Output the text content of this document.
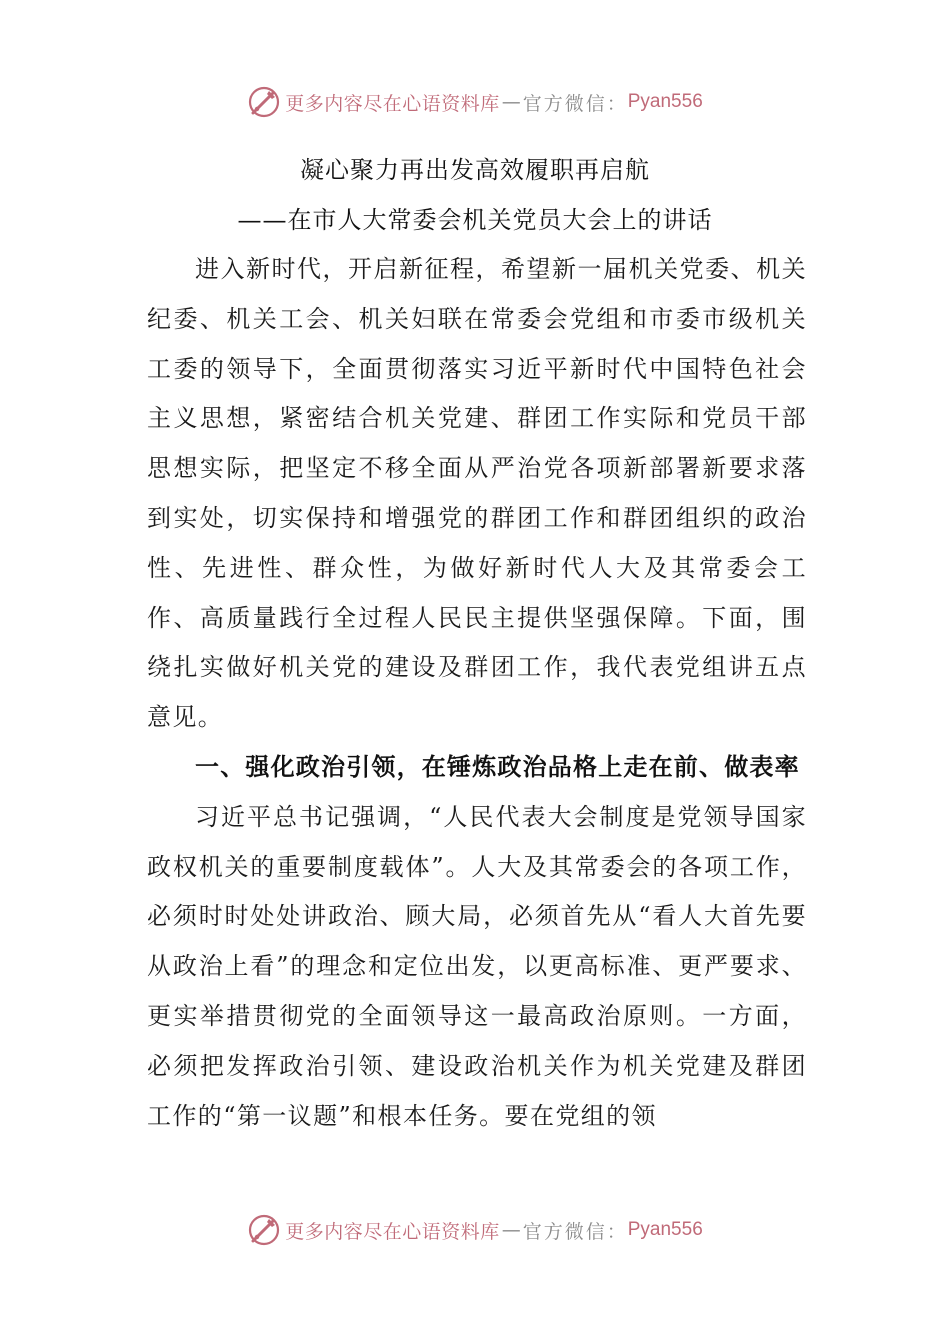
更多内容尽在心语资料库 — 官方微信： Pyan556
凝心聚力再出发高效履职再启航
——在市人大常委会机关党员大会上的讲话

进入新时代，开启新征程，希望新一届机关党委、机关纪委、机关工会、机关妇联在常委会党组和市委市级机关工委的领导下，全面贯彻落实习近平新时代中国特色社会主义思想，紧密结合机关党建、群团工作实际和党员干部思想实际，把坚定不移全面从严治党各项新部署新要求落到实处，切实保持和增强党的群团工作和群团组织的政治性、先进性、群众性，为做好新时代人大及其常委会工作、高质量践行全过程人民民主提供坚强保障。下面，围绕扎实做好机关党的建设及群团工作，我代表党组讲五点意见。

一、强化政治引领，在锤炼政治品格上走在前、做表率

习近平总书记强调，“人民代表大会制度是党领导国家政权机关的重要制度载体”。人大及其常委会的各项工作，必须时时处处讲政治、顾大局，必须首先从“看人大首先要从政治上看”的理念和定位出发，以更高标准、更严要求、更实举措贯彻党的全面领导这一最高政治原则。一方面，必须把发挥政治引领、建设政治机关作为机关党建及群团工作的“第一议题”和根本任务。要在党组的领

更多内容尽在心语资料库 — 官方微信： Pyan556
